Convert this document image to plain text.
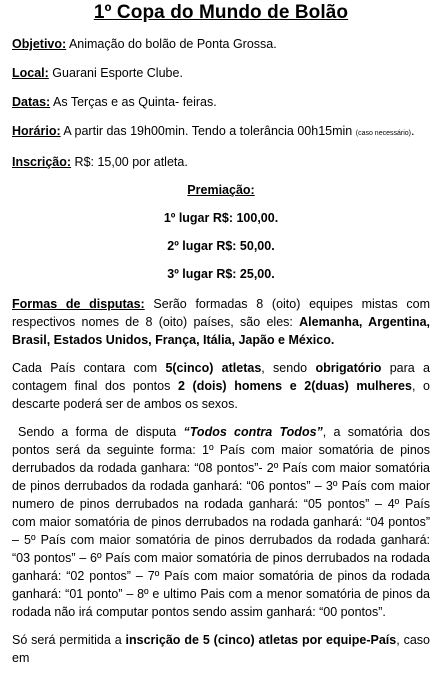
1º Copa do Mundo de Bolão
Objetivo: Animação do bolão de Ponta Grossa.
Local: Guarani Esporte Clube.
Datas: As Terças e as Quinta- feiras.
Horário: A partir das 19h00min. Tendo a tolerância 00h15min (caso necessário).
Inscrição: R$: 15,00 por atleta.
Premiação:
1º lugar R$: 100,00.
2º lugar R$: 50,00.
3º lugar R$: 25,00.
Formas de disputas: Serão formadas 8 (oito) equipes mistas com respectivos nomes de 8 (oito) países, são eles: Alemanha, Argentina, Brasil, Estados Unidos, França, Itália, Japão e México.
Cada País contara com 5(cinco) atletas, sendo obrigatório para a contagem final dos pontos 2 (dois) homens e 2(duas) mulheres, o descarte poderá ser de ambos os sexos.
Sendo a forma de disputa “Todos contra Todos”, a somatória dos pontos será da seguinte forma: 1º País com maior somatória de pinos derrubados da rodada ganhara: “08 pontos”- 2º País com maior somatória de pinos derrubados da rodada ganhará: “06 pontos” – 3º País com maior numero de pinos derrubados na rodada ganhará: “05 pontos” – 4º País com maior somatória de pinos derrubados na rodada ganhará: “04 pontos” – 5º País com maior somatória de pinos derrubados da rodada ganhará: “03 pontos” – 6º País com maior somatória de pinos derrubados na rodada ganhará: “02 pontos” – 7º País com maior somatória de pinos da rodada ganhará: “01 ponto” – 8º e ultimo Pais com a menor somatória de pinos da rodada não irá computar pontos sendo assim ganhará: “00 pontos”.
Só será permitida a inscrição de 5 (cinco) atletas por equipe-País, caso em
